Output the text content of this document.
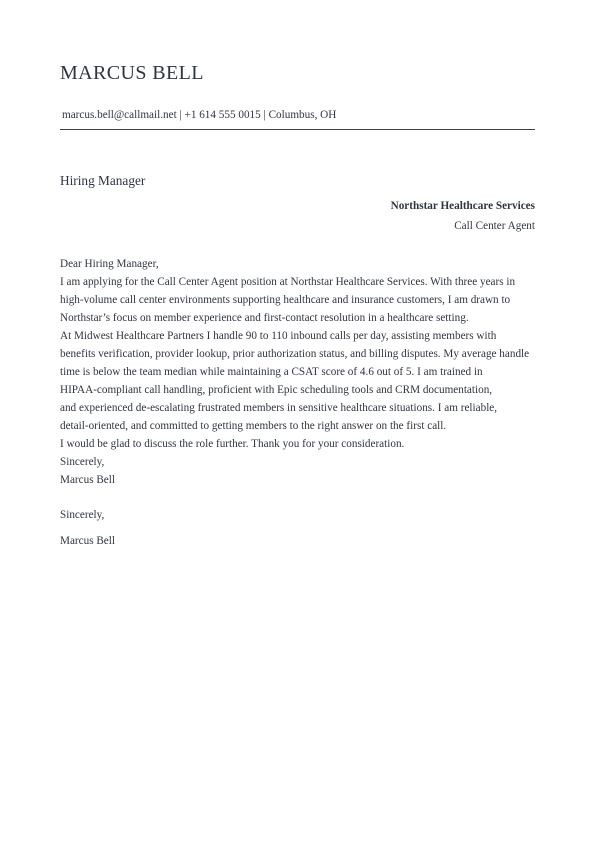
MARCUS BELL
marcus.bell@callmail.net | +1 614 555 0015 | Columbus, OH
Hiring Manager
Northstar Healthcare Services
Call Center Agent
Dear Hiring Manager,
I am applying for the Call Center Agent position at Northstar Healthcare Services. With three years in
high-volume call center environments supporting healthcare and insurance customers, I am drawn to
Northstar’s focus on member experience and first-contact resolution in a healthcare setting.
At Midwest Healthcare Partners I handle 90 to 110 inbound calls per day, assisting members with
benefits verification, provider lookup, prior authorization status, and billing disputes. My average handle
time is below the team median while maintaining a CSAT score of 4.6 out of 5. I am trained in
HIPAA-compliant call handling, proficient with Epic scheduling tools and CRM documentation,
and experienced de-escalating frustrated members in sensitive healthcare situations. I am reliable,
detail-oriented, and committed to getting members to the right answer on the first call.
I would be glad to discuss the role further. Thank you for your consideration.
Sincerely,
Marcus Bell
Sincerely,
Marcus Bell
